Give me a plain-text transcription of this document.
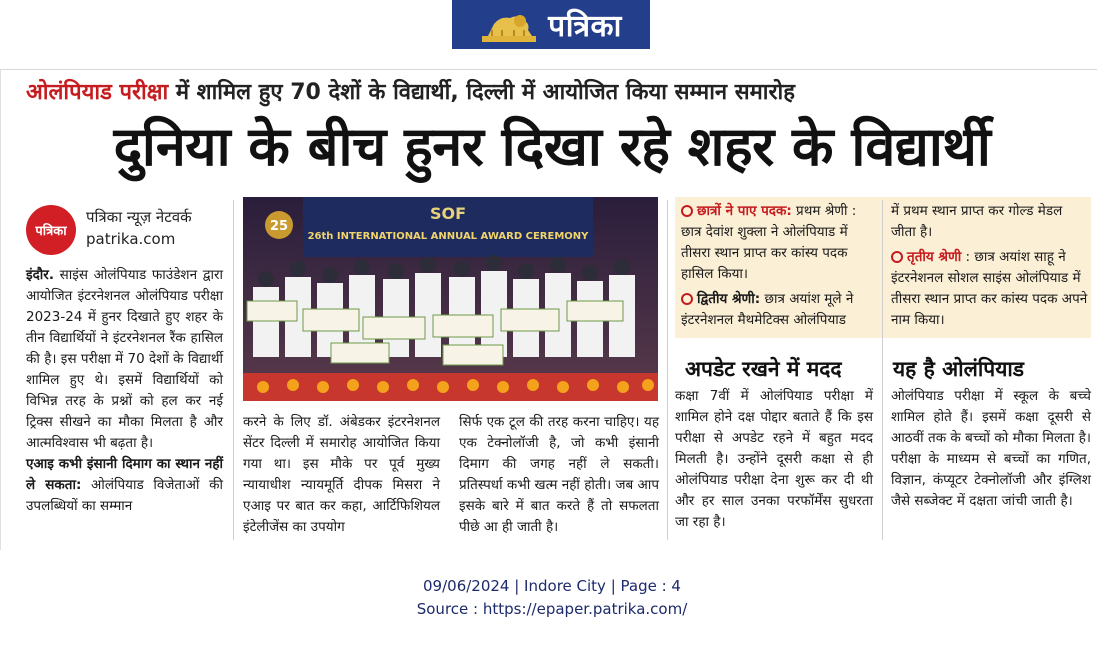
पत्रिका
ओलंपियाड परीक्षा में शामिल हुए 70 देशों के विद्यार्थी, दिल्ली में आयोजित किया सम्मान समारोह
दुनिया के बीच हुनर दिखा रहे शहर के विद्यार्थी
पत्रिका
पत्रिका न्यूज़ नेटवर्क
patrika.com
इंदौर. साइंस ओलंपियाड फाउंडेशन द्वारा आयोजित इंटरनेशनल ओलंपियाड परीक्षा 2023-24 में हुनर दिखाते हुए शहर के तीन विद्यार्थियों ने इंटरनेशनल रैंक हासिल की है। इस परीक्षा में 70 देशों के विद्यार्थी शामिल हुए थे। इसमें विद्यार्थियों को विभिन्न तरह के प्रश्नों को हल कर नई ट्रिक्स सीखने का मौका मिलता है और आत्मविश्वास भी बढ़ता है।
एआइ कभी इंसानी दिमाग का स्थान नहीं ले सकता: ओलंपियाड विजेताओं की उपलब्धियों का सम्मान
SOF
26th INTERNATIONAL ANNUAL AWARD CEREMONY
25
करने के लिए डॉ. अंबेडकर इंटरनेशनल सेंटर दिल्ली में समारोह आयोजित किया गया था। इस मौके पर पूर्व मुख्य न्यायाधीश न्यायमूर्ति दीपक मिसरा ने एआइ पर बात कर कहा, आर्टिफिशियल इंटेलीजेंस का उपयोग
सिर्फ एक टूल की तरह करना चाहिए। यह एक टेक्नोलॉजी है, जो कभी इंसानी दिमाग की जगह नहीं ले सकती। प्रतिस्पर्धा कभी खत्म नहीं होती। जब आप इसके बारे में बात करते हैं तो सफलता पीछे आ ही जाती है।

छात्रों ने पाए पदक: प्रथम श्रेणी : छात्र देवांश शुक्ला ने ओलंपियाड में तीसरा स्थान प्राप्त कर कांस्य पदक हासिल किया।

द्वितीय श्रेणी: छात्र अयांश मूले ने इंटरनेशनल मैथमेटिक्स ओलंपियाड

में प्रथम स्थान प्राप्त कर गोल्ड मेडल जीता है।

तृतीय श्रेणी : छात्र अयांश साहू ने इंटरनेशनल सोशल साइंस ओलंपियाड में तीसरा स्थान प्राप्त कर कांस्य पदक अपने नाम किया।

अपडेट रखने में मदद यह है ओलंपियाड
कक्षा 7वीं में ओलंपियाड परीक्षा में शामिल होने दक्ष पोद्दार बताते हैं कि इस परीक्षा से अपडेट रहने में बहुत मदद मिलती है। उन्होंने दूसरी कक्षा से ही ओलंपियाड परीक्षा देना शुरू कर दी थी और हर साल उनका परफॉर्मेंस सुधरता जा रहा है।
ओलंपियाड परीक्षा में स्कूल के बच्चे शामिल होते हैं। इसमें कक्षा दूसरी से आठवीं तक के बच्चों को मौका मिलता है। परीक्षा के माध्यम से बच्चों का गणित, विज्ञान, कंप्यूटर टेक्नोलॉजी और इंग्लिश जैसे सब्जेक्ट में दक्षता जांची जाती है।
09/06/2024 | Indore City | Page : 4
Source : https://epaper.patrika.com/
